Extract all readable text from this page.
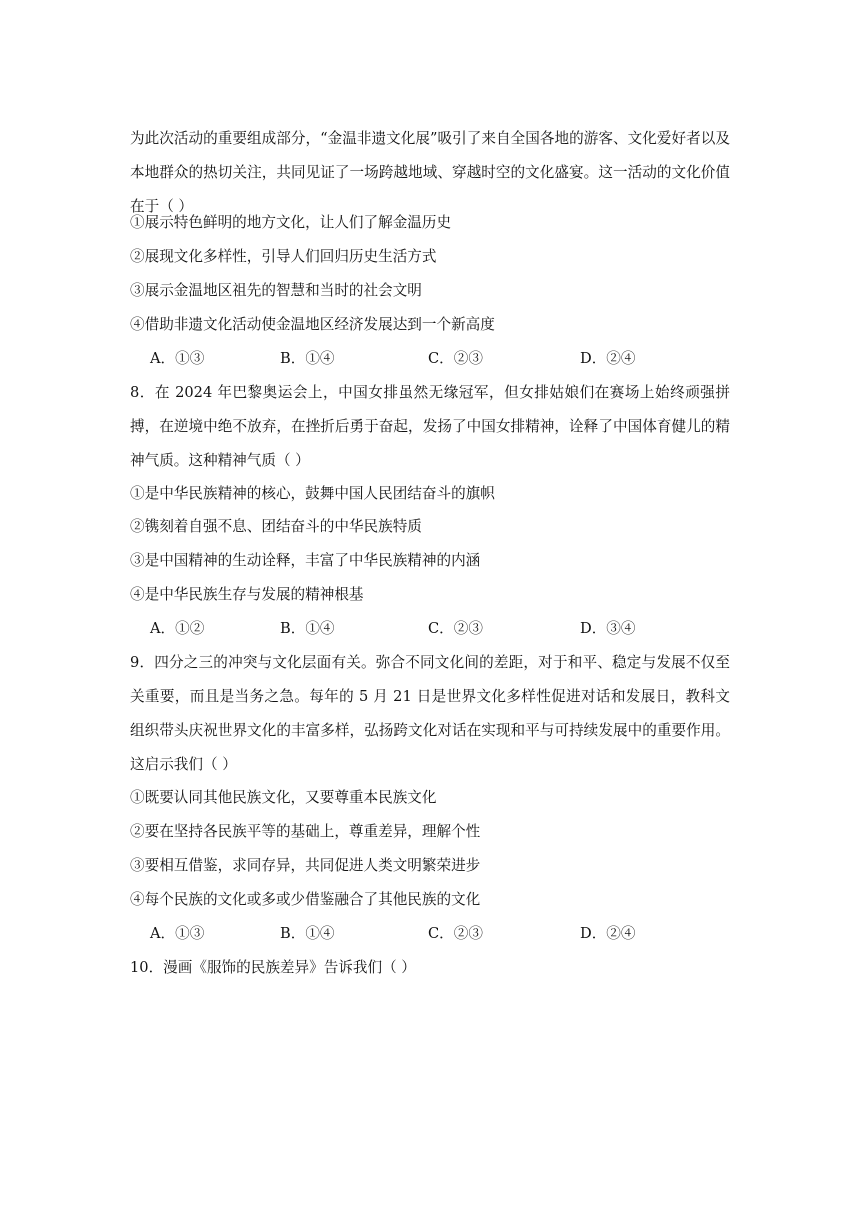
为此次活动的重要组成部分，“金温非遗文化展”吸引了来自全国各地的游客、文化爱好者以及本地群众的热切关注，共同见证了一场跨越地域、穿越时空的文化盛宴。这一活动的文化价值在于（ ）

①展示特色鲜明的地方文化，让人们了解金温历史

②展现文化多样性，引导人们回归历史生活方式

③展示金温地区祖先的智慧和当时的社会文明

④借助非遗文化活动使金温地区经济发展达到一个新高度

A．①③	B．①④	C．②③	D．②④

8．在 2024 年巴黎奥运会上，中国女排虽然无缘冠军，但女排姑娘们在赛场上始终顽强拼搏，在逆境中绝不放弃，在挫折后勇于奋起，发扬了中国女排精神，诠释了中国体育健儿的精神气质。这种精神气质（ ）

①是中华民族精神的核心，鼓舞中国人民团结奋斗的旗帜

②镌刻着自强不息、团结奋斗的中华民族特质

③是中国精神的生动诠释，丰富了中华民族精神的内涵

④是中华民族生存与发展的精神根基

A．①②	B．①④	C．②③	D．③④

9．四分之三的冲突与文化层面有关。弥合不同文化间的差距，对于和平、稳定与发展不仅至关重要，而且是当务之急。每年的 5 月 21 日是世界文化多样性促进对话和发展日，教科文组织带头庆祝世界文化的丰富多样，弘扬跨文化对话在实现和平与可持续发展中的重要作用。这启示我们（ ）

①既要认同其他民族文化，又要尊重本民族文化

②要在坚持各民族平等的基础上，尊重差异，理解个性

③要相互借鉴，求同存异，共同促进人类文明繁荣进步

④每个民族的文化或多或少借鉴融合了其他民族的文化

A．①③	B．①④	C．②③	D．②④

10．漫画《服饰的民族差异》告诉我们（ ）
